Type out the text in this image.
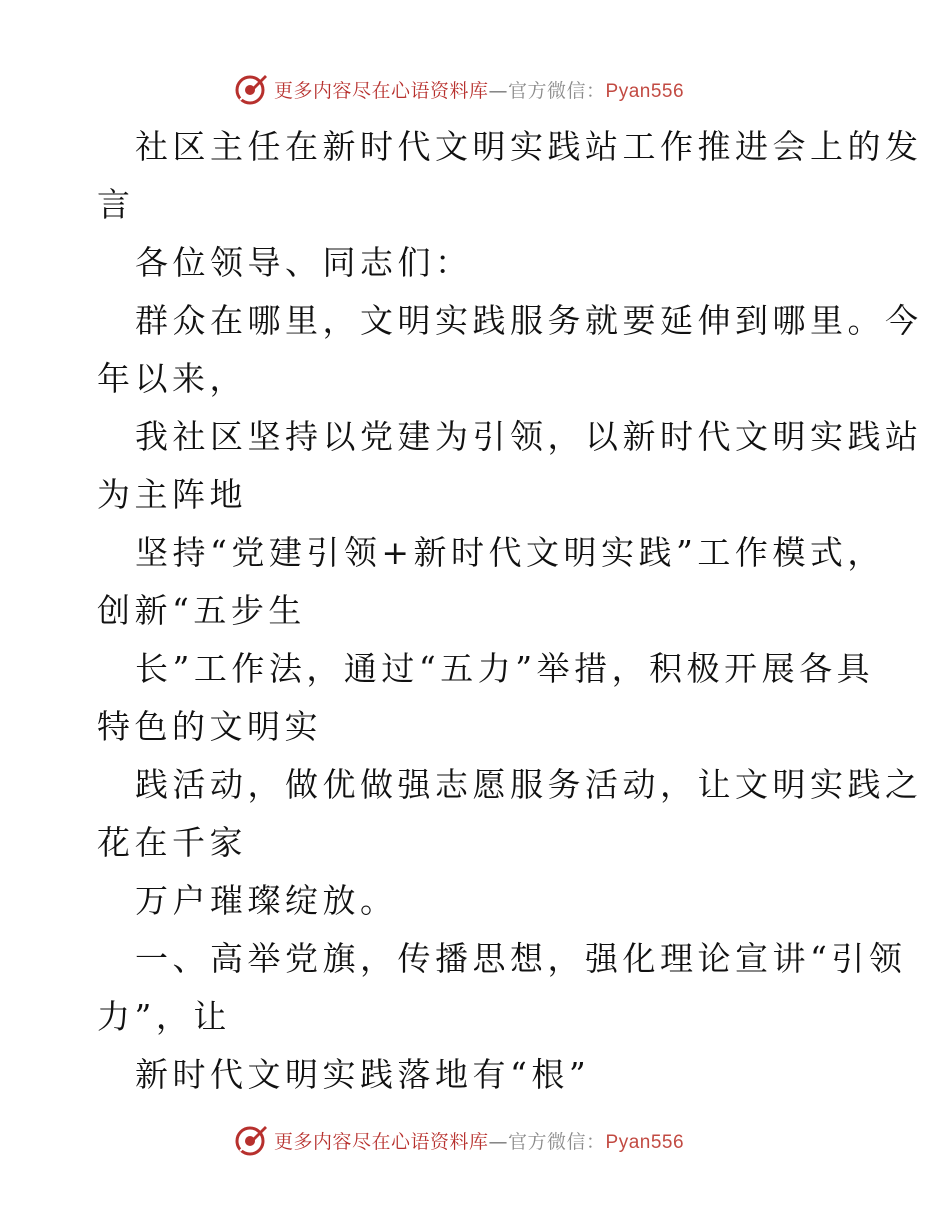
更多内容尽在心语资料库—官方微信：Pyan556
社区主任在新时代文明实践站工作推进会上的发
言
各位领导、同志们：
群众在哪里，文明实践服务就要延伸到哪里。今
年以来，
我社区坚持以党建为引领，以新时代文明实践站
为主阵地
坚持“党建引领+新时代文明实践”工作模式，
创新“五步生
长”工作法，通过“五力”举措，积极开展各具
特色的文明实
践活动，做优做强志愿服务活动，让文明实践之
花在千家
万户璀璨绽放。
一、高举党旗，传播思想，强化理论宣讲“引领
力”，让
新时代文明实践落地有“根”
更多内容尽在心语资料库—官方微信：Pyan556
